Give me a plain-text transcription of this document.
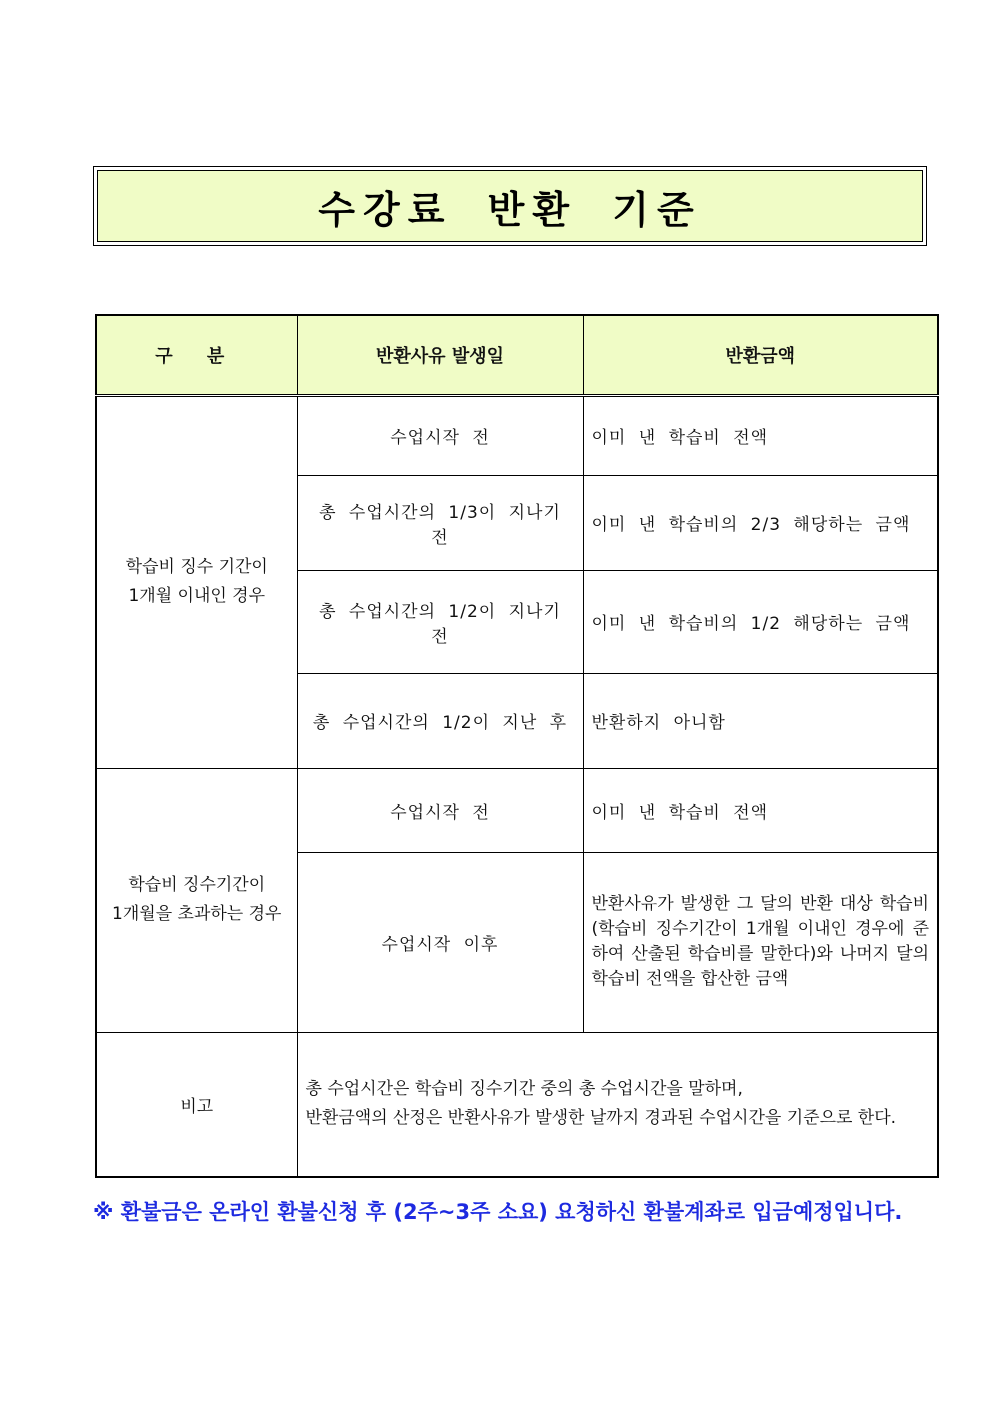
수강료 반환 기준
구 분	반환사유 발생일	반환금액

학습비 징수 기간이
1개월 이내인 경우	수업시작 전	이미 낸 학습비 전액
	총 수업시간의 1/3이 지나기 전	이미 낸 학습비의 2/3 해당하는 금액
	총 수업시간의 1/2이 지나기 전	이미 낸 학습비의 1/2 해당하는 금액
	총 수업시간의 1/2이 지난 후	반환하지 아니함

학습비 징수기간이
1개월을 초과하는 경우	수업시작 전	이미 낸 학습비 전액
	수업시작 이후	반환사유가 발생한 그 달의 반환 대상 학습비(학습비 징수기간이 1개월 이내인 경우에 준하여 산출된 학습비를 말한다)와 나머지 달의 학습비 전액을 합산한 금액
비고	총 수업시간은 학습비 징수기간 중의 총 수업시간을 말하며,
반환금액의 산정은 반환사유가 발생한 날까지 경과된 수업시간을 기준으로 한다.	
※ 환불금은 온라인 환불신청 후 (2주~3주 소요) 요청하신 환불계좌로 입금예정입니다.
